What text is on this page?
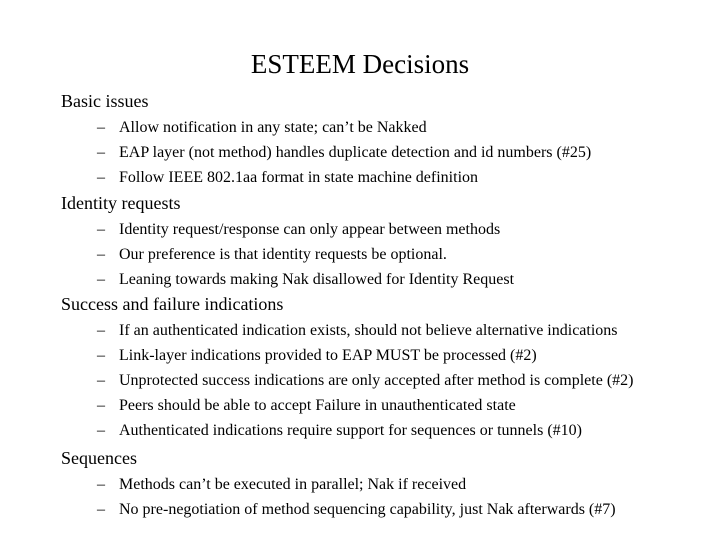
ESTEEM Decisions
Basic issues
– Allow notification in any state; can’t be Nakked
– EAP layer (not method) handles duplicate detection and id numbers (#25)
– Follow IEEE 802.1aa format in state machine definition
Identity requests
– Identity request/response can only appear between methods
– Our preference is that identity requests be optional.
– Leaning towards making Nak disallowed for Identity Request
Success and failure indications
– If an authenticated indication exists, should not believe alternative indications
– Link-layer indications provided to EAP MUST be processed (#2)
– Unprotected success indications are only accepted after method is complete (#2)
– Peers should be able to accept Failure in unauthenticated state
– Authenticated indications require support for sequences or tunnels (#10)
Sequences
– Methods can’t be executed in parallel; Nak if received
– No pre-negotiation of method sequencing capability, just Nak afterwards (#7)
